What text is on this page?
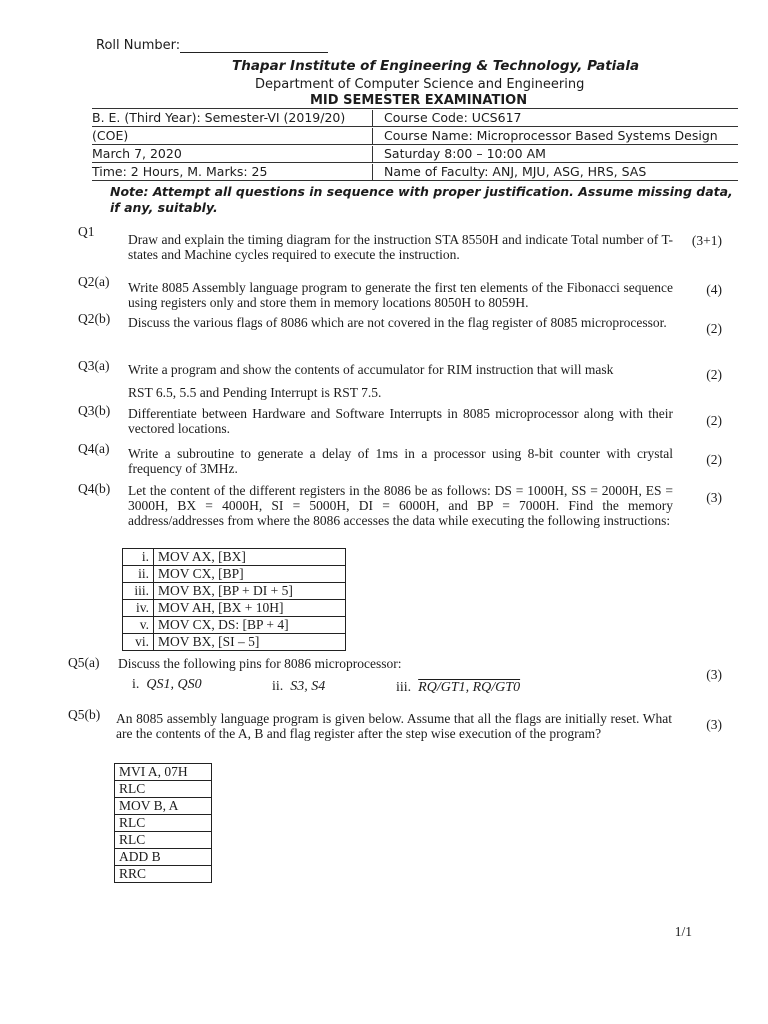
Roll Number:
Thapar Institute of Engineering & Technology, Patiala
Department of Computer Science and Engineering
MID SEMESTER EXAMINATION
B. E. (Third Year): Semester-VI (2019/20)	Course Code: UCS617
(COE)	Course Name: Microprocessor Based Systems Design
March 7, 2020	Saturday 8:00 – 10:00 AM
Time: 2 Hours, M. Marks: 25	Name of Faculty: ANJ, MJU, ASG, HRS, SAS
Note: Attempt all questions in sequence with proper justification. Assume missing data, if any, suitably.
Q1
Draw and explain the timing diagram for the instruction STA 8550H and indicate Total number of T-states and Machine cycles required to execute the instruction.
(3+1)
Q2(a) Write 8085 Assembly language program to generate the first ten elements of the Fibonacci sequence using registers only and store them in memory locations 8050H to 8059H.
(4)
Q2(b) Discuss the various flags of 8086 which are not covered in the flag register of 8085 microprocessor.	(2)
Q3(a) Write a program and show the contents of accumulator for RIM instruction that will mask
RST 6.5, 5.5 and Pending Interrupt is RST 7.5.
(2)
Q3(b) Differentiate between Hardware and Software Interrupts in 8085 microprocessor along with their vectored locations.
(2)
Q4(a) Write a subroutine to generate a delay of 1ms in a processor using 8-bit counter with crystal frequency of 3MHz.
(2)
Q4(b) Let the content of the different registers in the 8086 be as follows: DS = 1000H, SS = 2000H, ES = 3000H, BX = 4000H, SI = 5000H, DI = 6000H, and BP = 7000H. Find the memory address/addresses from where the 8086 accesses the data while executing the following instructions:
(3)
i.	MOV AX, [BX]
ii.	MOV CX, [BP]
iii.	MOV BX, [BP + DI + 5]
iv.	MOV AH, [BX + 10H]
v.	MOV CX, DS: [BP + 4]
vi.	MOV BX, [SI – 5]
Q5(a) Discuss the following pins for 8086 microprocessor:
(3)
i. QS1, QS0	ii. S3, S4	iii. RQ/GT1, RQ/GT0
Q5(b) An 8085 assembly language program is given below. Assume that all the flags are initially reset. What are the contents of the A, B and flag register after the step wise execution of the program?
(3)
MVI A, 07H
RLC
MOV B, A
RLC
RLC
ADD B
RRC
1/1
